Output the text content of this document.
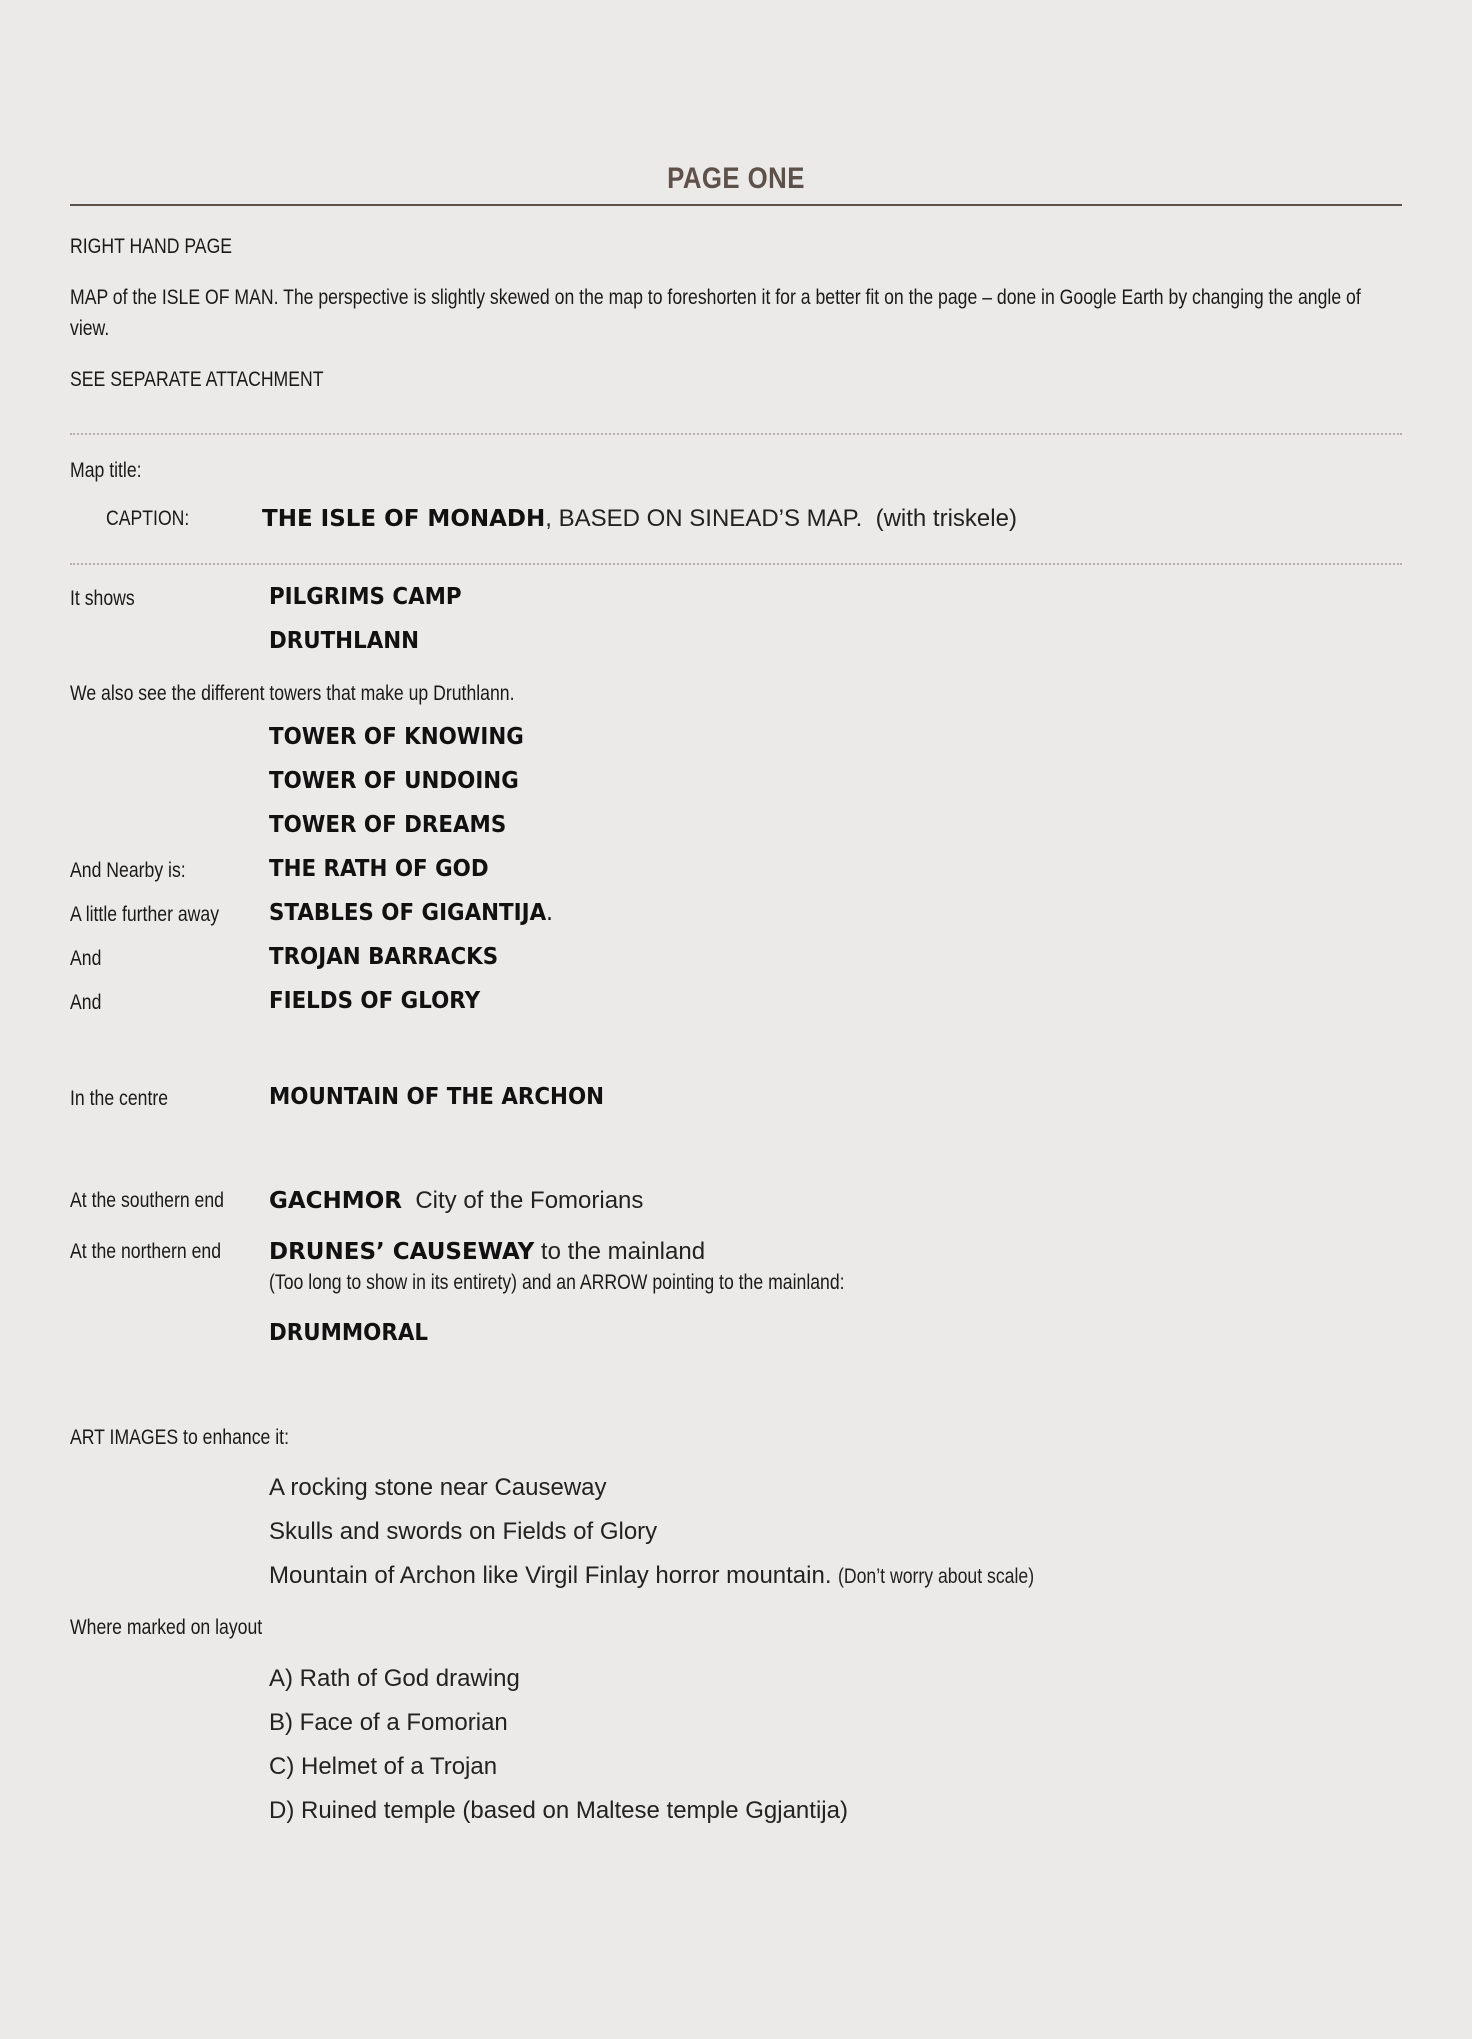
PAGE ONE
RIGHT HAND PAGE
MAP of the ISLE OF MAN. The perspective is slightly skewed on the map to foreshorten it for a better fit on the page – done in Google Earth by changing the angle of view.
SEE SEPARATE ATTACHMENT
Map title:
CAPTION:	THE ISLE OF MONADH, BASED ON SINEAD’S MAP. (with triskele)
It shows	PILGRIMS CAMP
DRUTHLANN
We also see the different towers that make up Druthlann.
TOWER OF KNOWING
TOWER OF UNDOING
TOWER OF DREAMS
And Nearby is:	THE RATH OF GOD
A little further away STABLES OF GIGANTIJA.
And	TROJAN BARRACKS
And	FIELDS OF GLORY
In the centre	MOUNTAIN OF THE ARCHON
At the southern end GACHMOR City of the Fomorians
At the northern end DRUNES’ CAUSEWAY to the mainland
(Too long to show in its entirety) and an ARROW pointing to the mainland:
DRUMMORAL
ART IMAGES to enhance it:
A rocking stone near Causeway
Skulls and swords on Fields of Glory
Mountain of Archon like Virgil Finlay horror mountain. (Don’t worry about scale)
Where marked on layout
A) Rath of God drawing
B) Face of a Fomorian
C) Helmet of a Trojan
D) Ruined temple (based on Maltese temple Ggjantija)
